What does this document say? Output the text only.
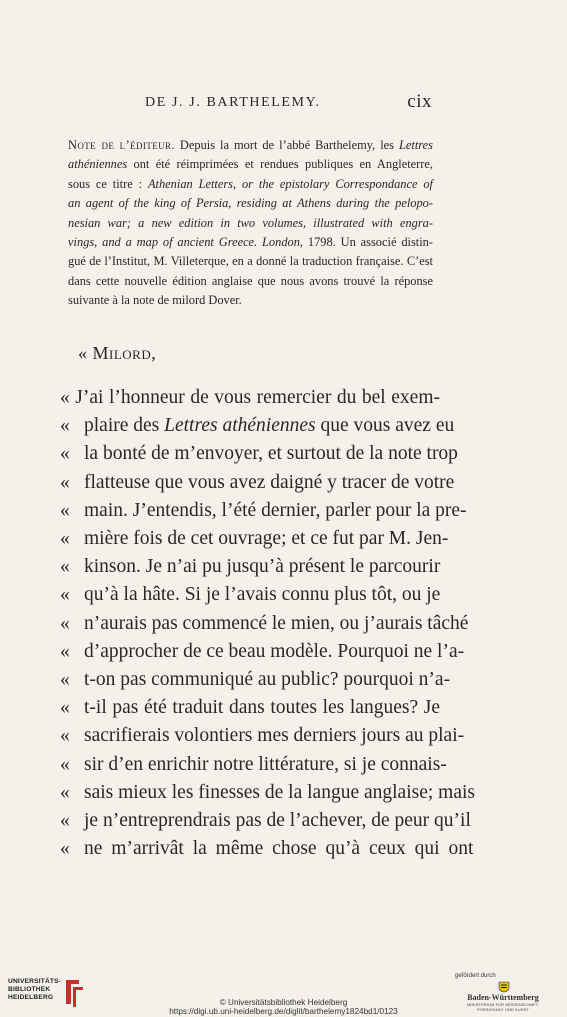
DE J. J. BARTHELEMY.	cix
Note de l’éditeur. Depuis la mort de l’abbé Barthelemy, les Lettres
athéniennes ont été réimprimées et rendues publiques en Angleterre,
sous ce titre : Athenian Letters, or the epistolary Correspondance of
an agent of the king of Persia, residing at Athens during the pelopo-
nesian war; a new edition in two volumes, illustrated with engra-
vings, and a map of ancient Greece. London, 1798. Un associé distin-
gué de l’Institut, M. Villeterque, en a donné la traduction française. C’est
dans cette nouvelle édition anglaise que nous avons trouvé la réponse
suivante à la note de milord Dover.
« Milord,
« J’ai l’honneur de vous remercier du bel exem-
« plaire des Lettres athéniennes que vous avez eu
« la bonté de m’envoyer, et surtout de la note trop
« flatteuse que vous avez daigné y tracer de votre
« main. J’entendis, l’été dernier, parler pour la pre-
« mière fois de cet ouvrage; et ce fut par M. Jen-
« kinson. Je n’ai pu jusqu’à présent le parcourir
« qu’à la hâte. Si je l’avais connu plus tôt, ou je
« n’aurais pas commencé le mien, ou j’aurais tâché
« d’approcher de ce beau modèle. Pourquoi ne l’a-
« t-on pas communiqué au public? pourquoi n’a-
« t-il pas été traduit dans toutes les langues? Je
« sacrifierais volontiers mes derniers jours au plai-
« sir d’en enrichir notre littérature, si je connais-
« sais mieux les finesses de la langue anglaise; mais
« je n’entreprendrais pas de l’achever, de peur qu’il
« ne m’arrivât la même chose qu’à ceux qui ont
UNIVERSITÄTS-
BIBLIOTHEK
HEIDELBERG
© Universitätsbibliothek Heidelberg
https://digi.ub.uni-heidelberg.de/diglit/barthelemy1824bd1/0123
gefördert durch
Baden-Württemberg
MINISTERIUM FÜR WISSENSCHAFT, FORSCHUNG UND KUNST
